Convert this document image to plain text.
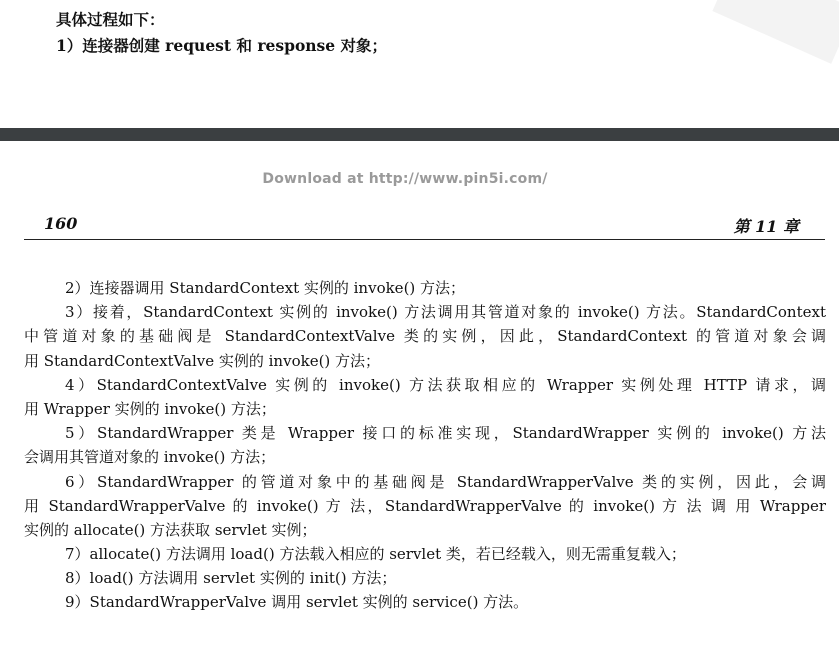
具体过程如下：
1）连接器创建 request 和 response 对象；
Download at http://www.pin5i.com/
160	第 11 章
2）连接器调用 StandardContext 实例的 invoke() 方法；
3）接着，StandardContext 实例的 invoke() 方法调用其管道对象的 invoke() 方法。StandardContext
中管道对象的基础阀是 StandardContextValve 类的实例，因此，StandardContext 的管道对象会调
用 StandardContextValve 实例的 invoke() 方法；
4）StandardContextValve 实例的 invoke() 方法获取相应的 Wrapper 实例处理 HTTP 请求，调
用 Wrapper 实例的 invoke() 方法；
5）StandardWrapper 类是 Wrapper 接口的标准实现，StandardWrapper 实例的 invoke() 方法
会调用其管道对象的 invoke() 方法；
6）StandardWrapper 的管道对象中的基础阀是 StandardWrapperValve 类的实例，因此，会调
用 StandardWrapperValve 的 invoke() 方 法，StandardWrapperValve 的 invoke() 方 法 调 用 Wrapper
实例的 allocate() 方法获取 servlet 实例；
7）allocate() 方法调用 load() 方法载入相应的 servlet 类，若已经载入，则无需重复载入；
8）load() 方法调用 servlet 实例的 init() 方法；
9）StandardWrapperValve 调用 servlet 实例的 service() 方法。
